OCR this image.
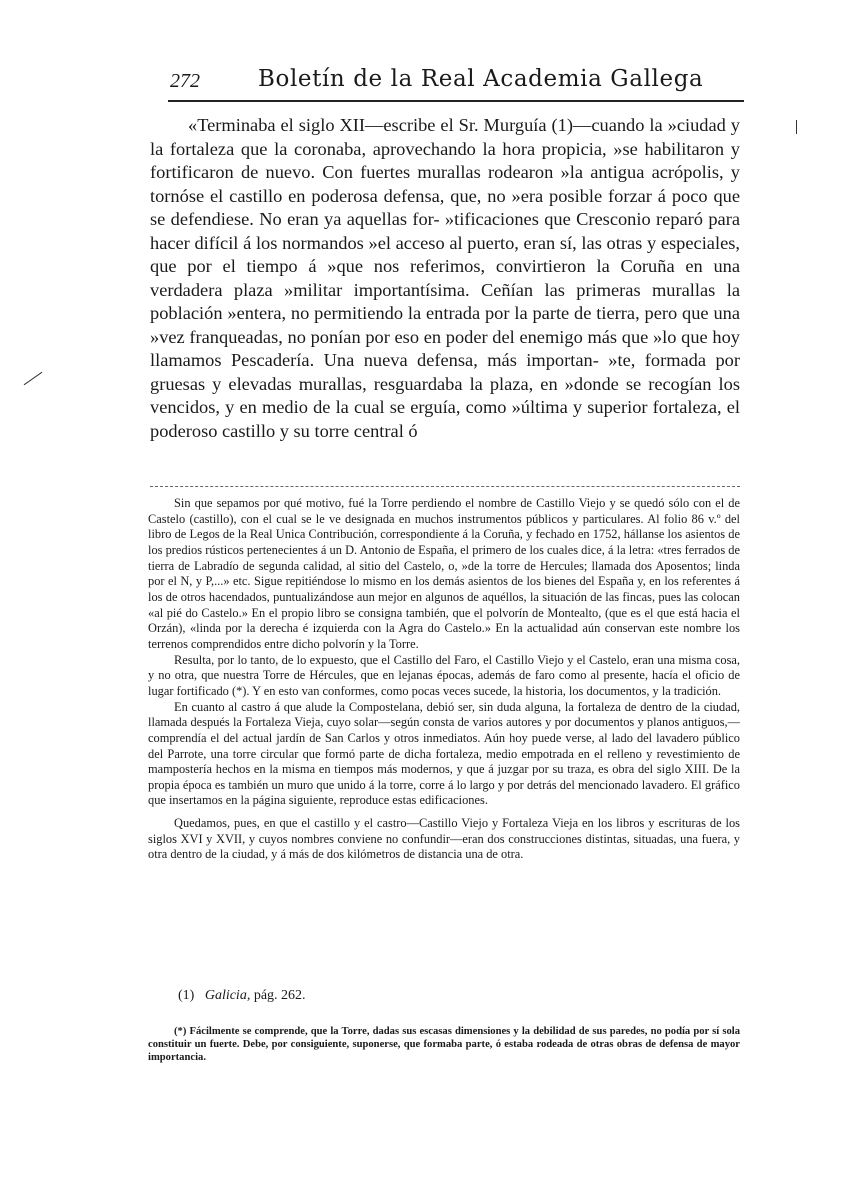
272	Boletín de la Real Academia Gallega

«Terminaba el siglo XII—escribe el Sr. Murguía (1)—cuando la »ciudad y la fortaleza que la coronaba, aprovechando la hora propicia, »se habilitaron y fortificaron de nuevo. Con fuertes murallas rodearon »la antigua acrópolis, y tornóse el castillo en poderosa defensa, que, no »era posible forzar á poco que se defendiese. No eran ya aquellas for- »tificaciones que Cresconio reparó para hacer difícil á los normandos »el acceso al puerto, eran sí, las otras y especiales, que por el tiempo á »que nos referimos, convirtieron la Coruña en una verdadera plaza »militar importantísima. Ceñían las primeras murallas la población »entera, no permitiendo la entrada por la parte de tierra, pero que una »vez franqueadas, no ponían por eso en poder del enemigo más que »lo que hoy llamamos Pescadería. Una nueva defensa, más importan- »te, formada por gruesas y elevadas murallas, resguardaba la plaza, en »donde se recogían los vencidos, y en medio de la cual se erguía, como »última y superior fortaleza, el poderoso castillo y su torre central ó

Sin que sepamos por qué motivo, fué la Torre perdiendo el nombre de Castillo Viejo y se quedó sólo con el de Castelo (castillo), con el cual se le ve designada en muchos instrumentos públicos y particulares. Al folio 86 v.º del libro de Legos de la Real Unica Contribución, correspondiente á la Coruña, y fechado en 1752, hállanse los asientos de los predios rústicos pertenecientes á un D. Antonio de España, el primero de los cuales dice, á la letra: «tres ferrados de tierra de Labradío de segunda calidad, al sitio del Castelo, o, »de la torre de Hercules; llamada dos Aposentos; linda por el N, y P,...» etc. Sigue repitiéndose lo mismo en los demás asientos de los bienes del España y, en los referentes á los de otros hacendados, puntualizándose aun mejor en algunos de aquéllos, la situación de las fincas, pues las colocan «al pié do Castelo.» En el propio libro se consigna también, que el polvorín de Montealto, (que es el que está hacia el Orzán), «linda por la derecha é izquierda con la Agra do Castelo.» En la actualidad aún conservan este nombre los terrenos comprendidos entre dicho polvorín y la Torre.

Resulta, por lo tanto, de lo expuesto, que el Castillo del Faro, el Castillo Viejo y el Castelo, eran una misma cosa, y no otra, que nuestra Torre de Hércules, que en lejanas épocas, además de faro como al presente, hacía el oficio de lugar fortificado (*). Y en esto van conformes, como pocas veces sucede, la historia, los documentos, y la tradición.

En cuanto al castro á que alude la Compostelana, debió ser, sin duda alguna, la fortaleza de dentro de la ciudad, llamada después la Fortaleza Vieja, cuyo solar—según consta de varios autores y por documentos y planos antiguos,—comprendía el del actual jardín de San Carlos y otros inmediatos. Aún hoy puede verse, al lado del lavadero público del Parrote, una torre circular que formó parte de dicha fortaleza, medio empotrada en el relleno y revestimiento de mampostería hechos en la misma en tiempos más modernos, y que á juzgar por su traza, es obra del siglo XIII. De la propia época es también un muro que unido á la torre, corre á lo largo y por detrás del mencionado lavadero. El gráfico que insertamos en la página siguiente, reproduce estas edificaciones.

Quedamos, pues, en que el castillo y el castro—Castillo Viejo y Fortaleza Vieja en los libros y escrituras de los siglos XVI y XVII, y cuyos nombres conviene no confundir—eran dos construcciones distintas, situadas, una fuera, y otra dentro de la ciudad, y á más de dos kilómetros de distancia una de otra.

(1) Galicia, pág. 262.
(*) Fácilmente se comprende, que la Torre, dadas sus escasas dimensiones y la debilidad de sus paredes, no podía por sí sola constituir un fuerte. Debe, por consiguiente, suponerse, que formaba parte, ó estaba rodeada de otras obras de defensa de mayor importancia.
